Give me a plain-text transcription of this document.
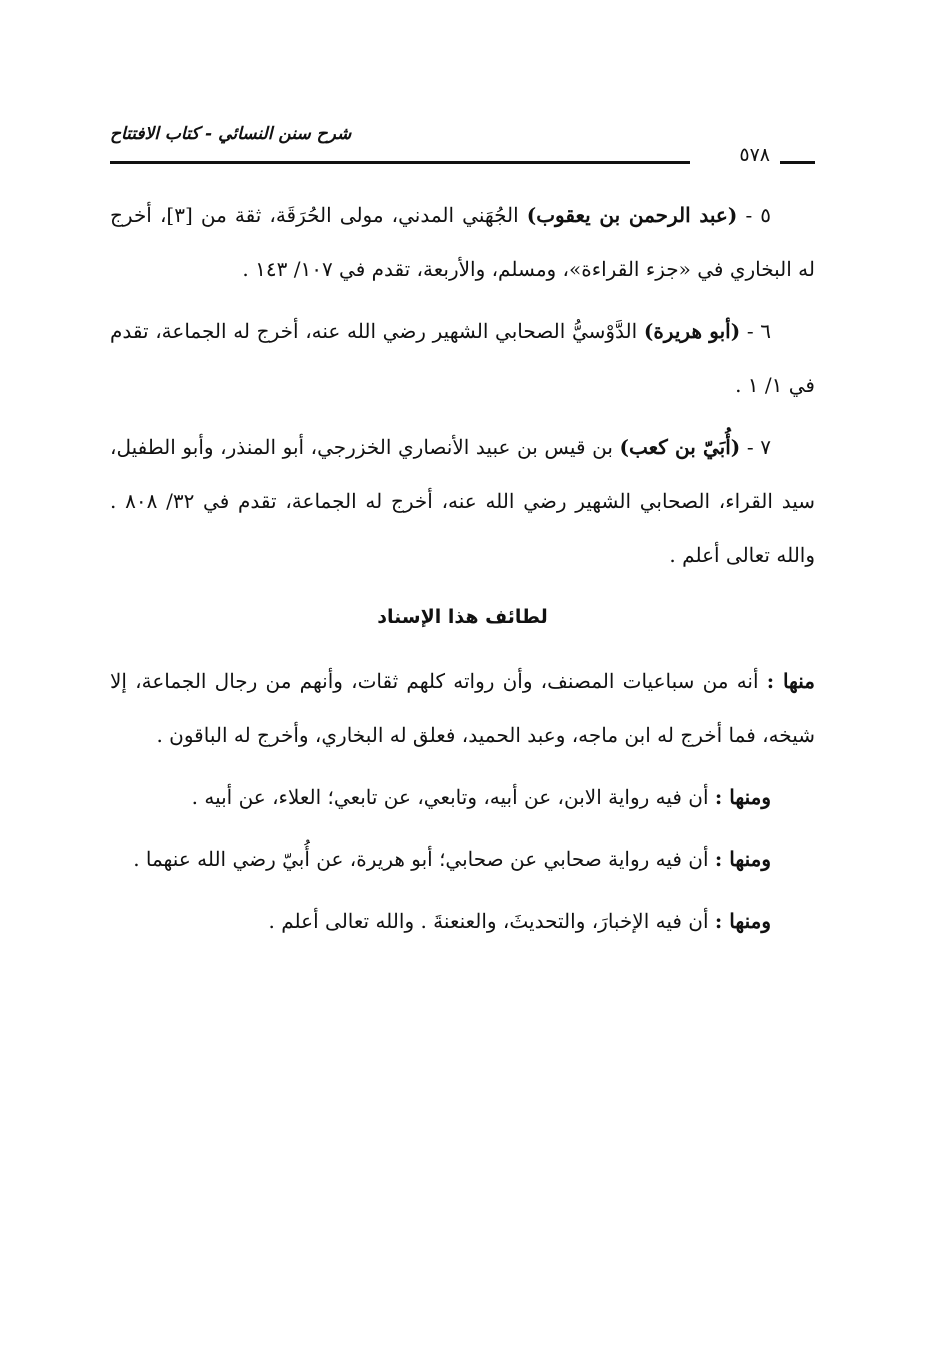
شرح سنن النسائي - كتاب الافتتاح
٥٧٨

٥ - (عبد الرحمن بن يعقوب) الجُهَني المدني، مولى الحُرَقَة، ثقة من [٣]، أخرج له البخاري في «جزء القراءة»، ومسلم، والأربعة، تقدم في ١٠٧/ ١٤٣ .

٦ - (أبو هريرة) الدَّوْسيُّ الصحابي الشهير رضي الله عنه، أخرج له الجماعة، تقدم في ١/ ١ .

٧ - (أُبَيّ بن كعب) بن قيس بن عبيد الأنصاري الخزرجي، أبو المنذر، وأبو الطفيل، سيد القراء، الصحابي الشهير رضي الله عنه، أخرج له الجماعة، تقدم في ٣٢/ ٨٠٨ . والله تعالى أعلم .

لطائف هذا الإسناد

منها : أنه من سباعيات المصنف، وأن رواته كلهم ثقات، وأنهم من رجال الجماعة، إلا شيخه، فما أخرج له ابن ماجه، وعبد الحميد، فعلق له البخاري، وأخرج له الباقون .

ومنها : أن فيه رواية الابن، عن أبيه، وتابعي، عن تابعي؛ العلاء، عن أبيه .

ومنها : أن فيه رواية صحابي عن صحابي؛ أبو هريرة، عن أُبيّ رضي الله عنهما .

ومنها : أن فيه الإخبارَ، والتحديثَ، والعنعنةَ . والله تعالى أعلم .
